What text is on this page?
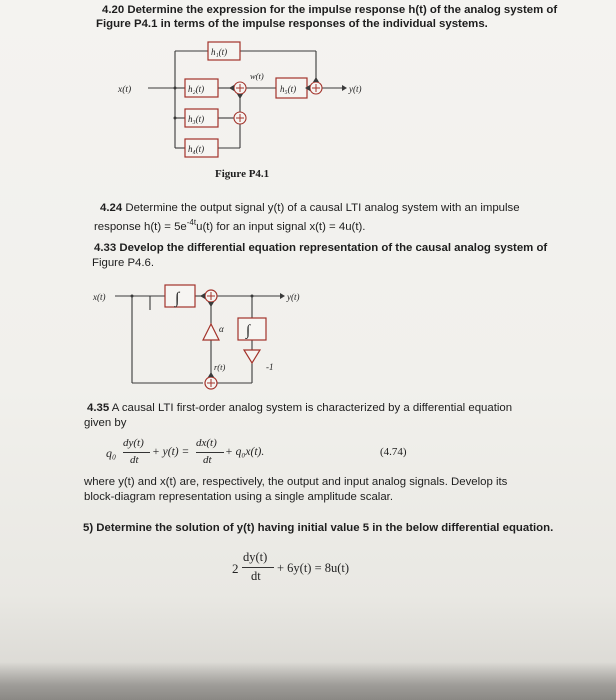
4.20 Determine the expression for the impulse response h(t) of the analog system of
Figure P4.1 in terms of the impulse responses of the individual systems.
x(t)
h₁(t)
h₂(t)
h₃(t)
h₄(t)
h₅(t)
w(t)
y(t)
Figure P4.1
4.24 Determine the output signal y(t) of a causal LTI analog system with an impulse
response $h(t) = 5e^{-4t}u(t)$ for an input signal x(t) = 4u(t).
4.33 Develop the differential equation representation of the causal analog system of
Figure P4.6.
x(t)	y(t)
∫
∫
α
r(t)	-1
4.35 A causal LTI first-order analog system is characterized by a differential equation
given by
q₀
dy(t)
dt
+ y(t) =
dx(t)
dt
+ q₀x(t).	(4.74)
where y(t) and x(t) are, respectively, the output and input analog signals. Develop its
block-diagram representation using a single amplitude scalar.
5) Determine the solution of y(t) having initial value 5 in the below differential equation.
2
dy(t)
dt
+ 6y(t) = 8u(t)
